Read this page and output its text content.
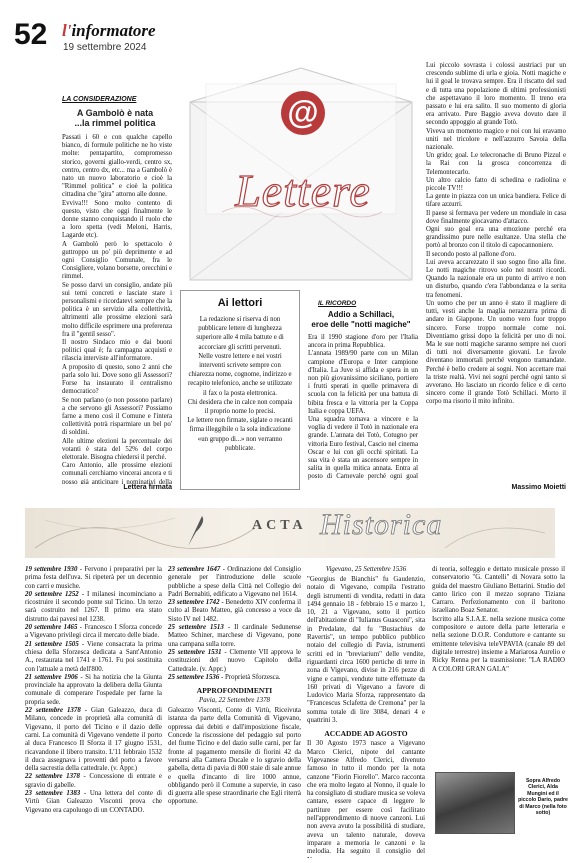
52 l'informatore
19 settembre 2024
LA CONSIDERAZIONE
A Gambolò è nata
...la rimmel politica

Passati i 60 e con qualche capello bianco, di formule politiche ne ho viste molte: pentapartito, compromesso storico, governi giallo-verdi, centro sx, centro, centro dx, etc... ma a Gambolò è nato un nuovo laboratorio e cioè la "Rimmel politica" e cioè la politica cittadina che "gira" attorno alle donne.

Evviva!!! Sono molto contento di questo, visto che oggi finalmente le donne stanno conquistando il ruolo che a loro spetta (vedi Meloni, Harris, Lagarde etc).

A Gambolò però lo spettacolo è guttroppo un po' più deprimente e ad ogni Consiglio Comunale, fra le Consigliere, volano borsette, orecchini e rimmel.

Se posso darvi un consiglio, andate più sui temi concreti e lasciate stare i personalismi e ricordatevi sempre che la politica è un servizio alla collettività, altrimenti alle prossime elezioni sarà molto difficile esprimere una preferenza fra il "gentil sesso".

Il nostro Sindaco mio e dai buoni politici qual è; fa campagna acquisti e rilascia interviste all'informatore.

A proposito di questo, sono 2 anni che parla solo lui. Dove sono gli Assessori? Forse ha instaurato il centralismo democratico?

Se non parlano (o non possono parlare) a che servono gli Assessori? Possiamo farne a meno così il Comune e l'intera collettività potrà risparmiare un bel po' di soldini.

Alle ultime elezioni la percentuale dei votanti è stata del 52% del corpo elettorale. Bisogna chiedersi il perché.

Caro Antonio, alle prossime elezioni comunali cerchiamo vincerai ancora e ti posso già anticipare i nominativi della

Lettera firmata
@
Lettere
Ai lettori

La redazione si riserva di non pubblicare lettere di lunghezza superiore alle 4 mila battute e di accorciare gli scritti pervenuti.

Nelle vostre lettere e nei vostri interventi scrivete sempre con chiarezza nome, cognome, indirizzo e recapito telefonico, anche se utilizzate il fax o la posta elettronica.

Chi desidera che in calce non compaia il proprio nome lo precisi.

Le lettere non firmate, siglate o recanti firma illeggibile o la sola indicazione «un gruppo di...» non verranno pubblicate.

IL RICORDO
Addio a Schillaci,
eroe delle "notti magiche"

Era il 1990 stagione d'oro per l'Italia ancora in prima Repubblica.

L'annata 1989/90 parte con un Milan campione d'Europa e Inter campione d'Italia. La Juve si affida e spera in un non più giovanissimo siciliano, portiere i frutti sperati in quelle primavera di scuola con la felicità per una battuta di bibita fresca e la vittoria per la Coppa Italia e coppa UEFA.

Una squadra tornava a vincere e la voglia di vedere il Totò in nazionale era grande. L'annata dei Totò, Cotugno per vittoria Euro festival, Cascio nel cinema Oscar e lui con gli occhi spiritati. La sua vita è stata un ascensore sempre in salita in quella mitica annata. Entra al posto di Carnevale perché ogni goal

Lui piccolo sovrasta i colossi austriaci pur un crescendo sublime di urla e gioia. Notti magiche e lui il goal le trovava sempre. Era il riscatto del sud e di tutta una popolazione di ultimi professionisti che aspettavano il loro momento. Il treno era passato e lui era salito. Il suo momento di gloria era arrivato. Pure Baggio aveva dovuto dare il secondo appoggio al grande Totò.

Viveva un momento magico e noi con lui eravamo uniti nel tricolore e nell'azzurro Savoia della nazionale.

Un grido; goal. Le telecronache di Bruno Pizzul e la Rai con la grosca concorrenza di Telemontecarlo.

Un altro calcio fatto di schedina e radiolina e piccole TV!!!

La gente in piazza con un unica bandiera. Felice di tifare azzurri.

Il paese si fermava per vedere un mondiale in casa dove finalmente giocavamo d'attacco.

Ogni suo goal era una emozione perché era grandissimo pure nelle esultanze. Una stella che portò al bronzo con il titolo di capocannoniere.

Il secondo posto al pallone d'oro.

Lui aveva accarezzato il suo sogno fino alla fine. Le notti magiche ritrovo solo nei nostri ricordi. Quando la nazionale era un punto di arrivo e non un disturbo, quando c'era l'abbondanza e la serita tra fenomeni.

Un uomo che per un anno è stato il magliere di tutti, vesti anche la maglia nerazzurra prima di andare in Giappone. Un uomo vero fuor troppo sincero. Forse troppo normale come noi. Diventiamo grissi dopo la felicità per uno di noi. Ma le sue notti magiche saranno sempre nei cuori di tutti noi diversamente giovani. Le favole diventano immortali perché vengono tramandate. Perché è bello credere ai sogni. Non accettare mai la triste realtà. Vivi nei sogni perché ogni tanto si avverano. Ho lasciato un ricordo felice e di certo sincero come il grande Totò Schillaci. Morto il corpo ma risorto il mito infinito.

Massimo Moietti
ACTA Historica

19 settembre 1930 - Fervono i preparativi per la prima festa dell'uva. Si ripeterà per un decennio con carri e musiche.

20 settembre 1252 - I milanesi incominciano a ricostruire il secondo ponte sul Ticino. Un terzo sarà costruito nel 1267. Il primo era stato distrutto dai pavesi nel 1238.

20 settembre 1465 - Francesco I Sforza concede a Vigevano privilegi circa il mercato delle biade.

21 settembre 1505 - Viene consacrata la prima chiesa della Sforzesca dedicata a Sant'Antonio A., restaurata nel 1741 e 1761. Fu poi sostituita con l'attuale a metà dell'800.

21 settembre 1906 - Si ha notizia che la Giunta provinciale ha approvato la delibera della Giunta comunale di comperare l'ospedale per farne la propria sede.

22 settembre 1378 - Gian Galeazzo, duca di Milano, concede in proprietà alla comunità di Vigevano, il porto del Ticino e il dazio delle carni. La comunità di Vigevano vendette il porto al duca Francesco II Sforza il 17 giugno 1531, ricavandone il libero transito. L'11 febbraio 1532 il duca assegnava i proventi del porto a favore della sacrestia della cattedrale. (v. Appr.)

22 settembre 1378 - Concessione di entrate e sgravio di gabelle.

23 settembre 1383 - Una lettera del conte di Virtù Gian Galeazzo Visconti prova che Vigevano era capoluogo di un CONTADO.

23 settembre 1647 - Ordinazione del Consiglio generale per l'introduzione delle scuole pubbliche a spese della Città nel Collegio dei Padri Bernabiti, edificato a Vigevano nel 1614.

23 settembre 1742 - Benedetto XIV conferma il culto al Beato Matteo, già concesso a voce da Sisto IV nel 1482.

25 settembre 1513 - Il cardinale Sedunense Matteo Schiner, marchese di Vigevano, pone una campana sulla torre.

25 settembre 1531 - Clemente VII approva le costituzioni del nuovo Capitolo della Cattedrale. (v. Appr.)

25 settembre 1536 - Proprietà Sforzesca.

APPROFONDIMENTI
Pavia, 22 Settembre 1378

Galeazzo Visconti, Conte di Virtù, Riceivuta istanza da parte della Comunità di Vigevano, oppressa dai debiti e dall'imposizione fiscale, Concede la riscossione del pedaggio sul porto del fiume Ticino e del dazio sulle carni, per far fronte al pagamento mensile di fiorini 42 da versarsi alla Camera Ducale e lo sgravio della gabella, detta di pavia di 800 staie di sale annue e quella d'incanto di lire 1000 annue, obbligando però il Comune a supervie, in caso di guerra alle spese straordinarie che Egli riterrà opportune.

Vigevano, 25 Settembre 1536

"Georgius de Bianchis" fu Gaudenzio, notaio di Vigevano, compila l'estratto degli istrumenti di vendita, redatti in data 1494 gennaio 18 - febbraio 15 e marzo 1, 10, 21 a Vigevano, sotto il portico dell'abitazione di "Iulianus Guasconi", sita in Predalate, dal fu "Bustachius de Ravertis", un tempo pubblico pubblico notaio del collegio di Pavia, istrumenti scritti ed in "breviarium" delle vendite, riguardanti circa 1600 pertiche di terre in zona di Vigevano, divise in 216 pezze di vigne e campi, vendute tutte effettuate da 160 privati di Vigevano a favore di Ludovico Maria Sforza, rappresentato da "Francescus Sclafetta de Cremona" per la somma totale di lire 3084, denari 4 e quattrini 3.

ACCADDE AD AGOSTO

Il 30 Agosto 1973 nasce a Vigevano Marco Clerici, nipote del cantante Vigevanese Alfredo Clerici, divenuto famoso in tutto il mondo per la nota canzone "Fiorin Fiorello". Marco racconta che era molto legato al Nonno, il quale lo ha consigliato di studiare musica se voleva cantare, essere capace di leggere le partiture per essere così facilitato nell'apprendimento di nuove canzoni. Lui non aveva avuto la possibilità di studiare, aveva un talento naturale, doveva imparare a memoria le canzoni e la melodia. Ha seguito il consiglio del

di teoria, solfeggio e dettato musicale presso il conservatorio "G. Cantelli" di Novara sotto la guida del maestro Giuliano Bettarini. Studio del canto lirico con il mezzo soprano Tiziana Carraro. Perfezionamento con il baritono israeliano Boaz Senator.

Iscritto alla S.I.A.E. nella sezione musica come compositore e autore della parte letteraria e nella sezione D.O.R. Conduttore e cantante su emittente televisiva teleVPAVIA (canale 89 del digitale terrestre) insieme a Mariarosa Aurelio e Ricky Renna per la trasmissione: "LA RADIO A COLORI GRAN GALA"

Sopra Alfredo Clerici, Alda Mungini ed il piccolo Dario, padre di Marco (nella foto sotto)
